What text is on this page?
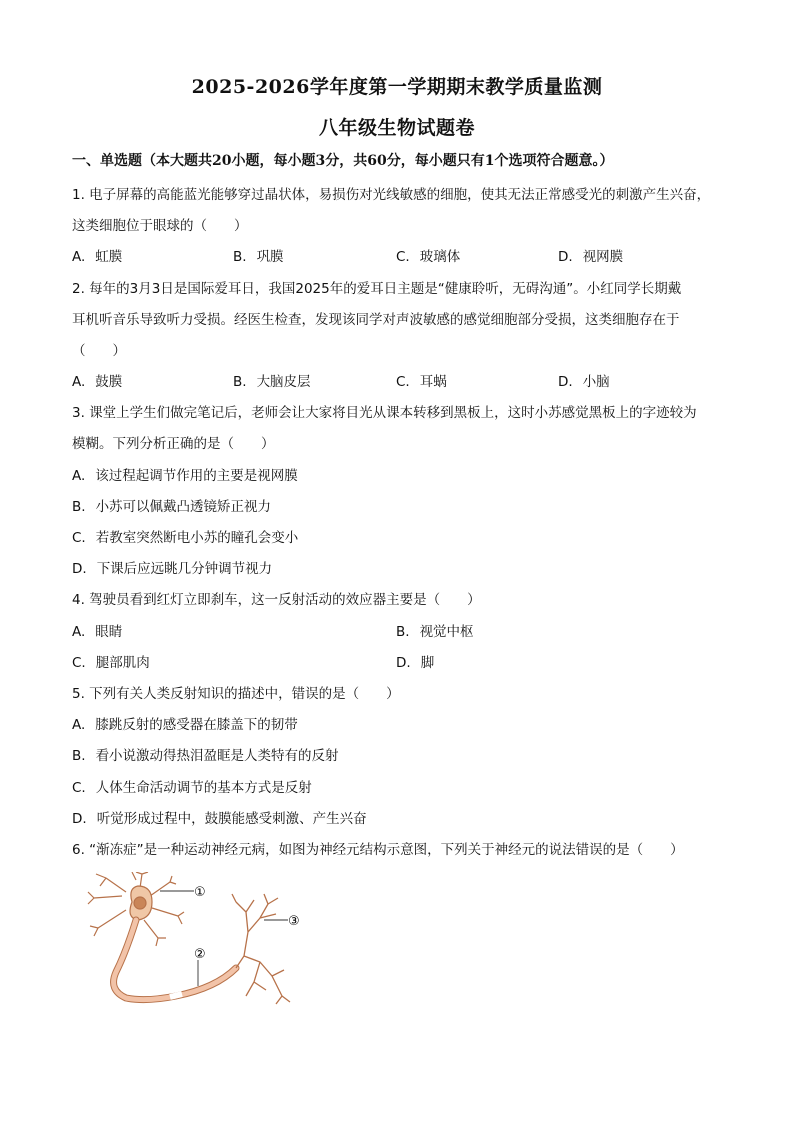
2025-2026学年度第一学期期末教学质量监测
八年级生物试题卷
一、单选题（本大题共20小题，每小题3分，共60分，每小题只有1个选项符合题意。）
1. 电子屏幕的高能蓝光能够穿过晶状体，易损伤对光线敏感的细胞，使其无法正常感受光的刺激产生兴奋，
这类细胞位于眼球的（　　）
A. 虹膜	B. 巩膜	C. 玻璃体	D. 视网膜
2. 每年的3月3日是国际爱耳日，我国2025年的爱耳日主题是“健康聆听，无碍沟通”。小红同学长期戴
耳机听音乐导致听力受损。经医生检查，发现该同学对声波敏感的感觉细胞部分受损，这类细胞存在于
（　　）
A. 鼓膜	B. 大脑皮层	C. 耳蜗	D. 小脑
3. 课堂上学生们做完笔记后，老师会让大家将目光从课本转移到黑板上，这时小苏感觉黑板上的字迹较为
模糊。下列分析正确的是（　　）
A. 该过程起调节作用的主要是视网膜
B. 小苏可以佩戴凸透镜矫正视力
C. 若教室突然断电小苏的瞳孔会变小
D. 下课后应远眺几分钟调节视力
4. 驾驶员看到红灯立即刹车，这一反射活动的效应器主要是（　　）
A. 眼睛	B. 视觉中枢
C. 腿部肌肉	D. 脚
5. 下列有关人类反射知识的描述中，错误的是（　　）
A. 膝跳反射的感受器在膝盖下的韧带
B. 看小说激动得热泪盈眶是人类特有的反射
C. 人体生命活动调节的基本方式是反射
D. 听觉形成过程中，鼓膜能感受刺激、产生兴奋
6. “渐冻症”是一种运动神经元病，如图为神经元结构示意图，下列关于神经元的说法错误的是（　　）
①
②
③
